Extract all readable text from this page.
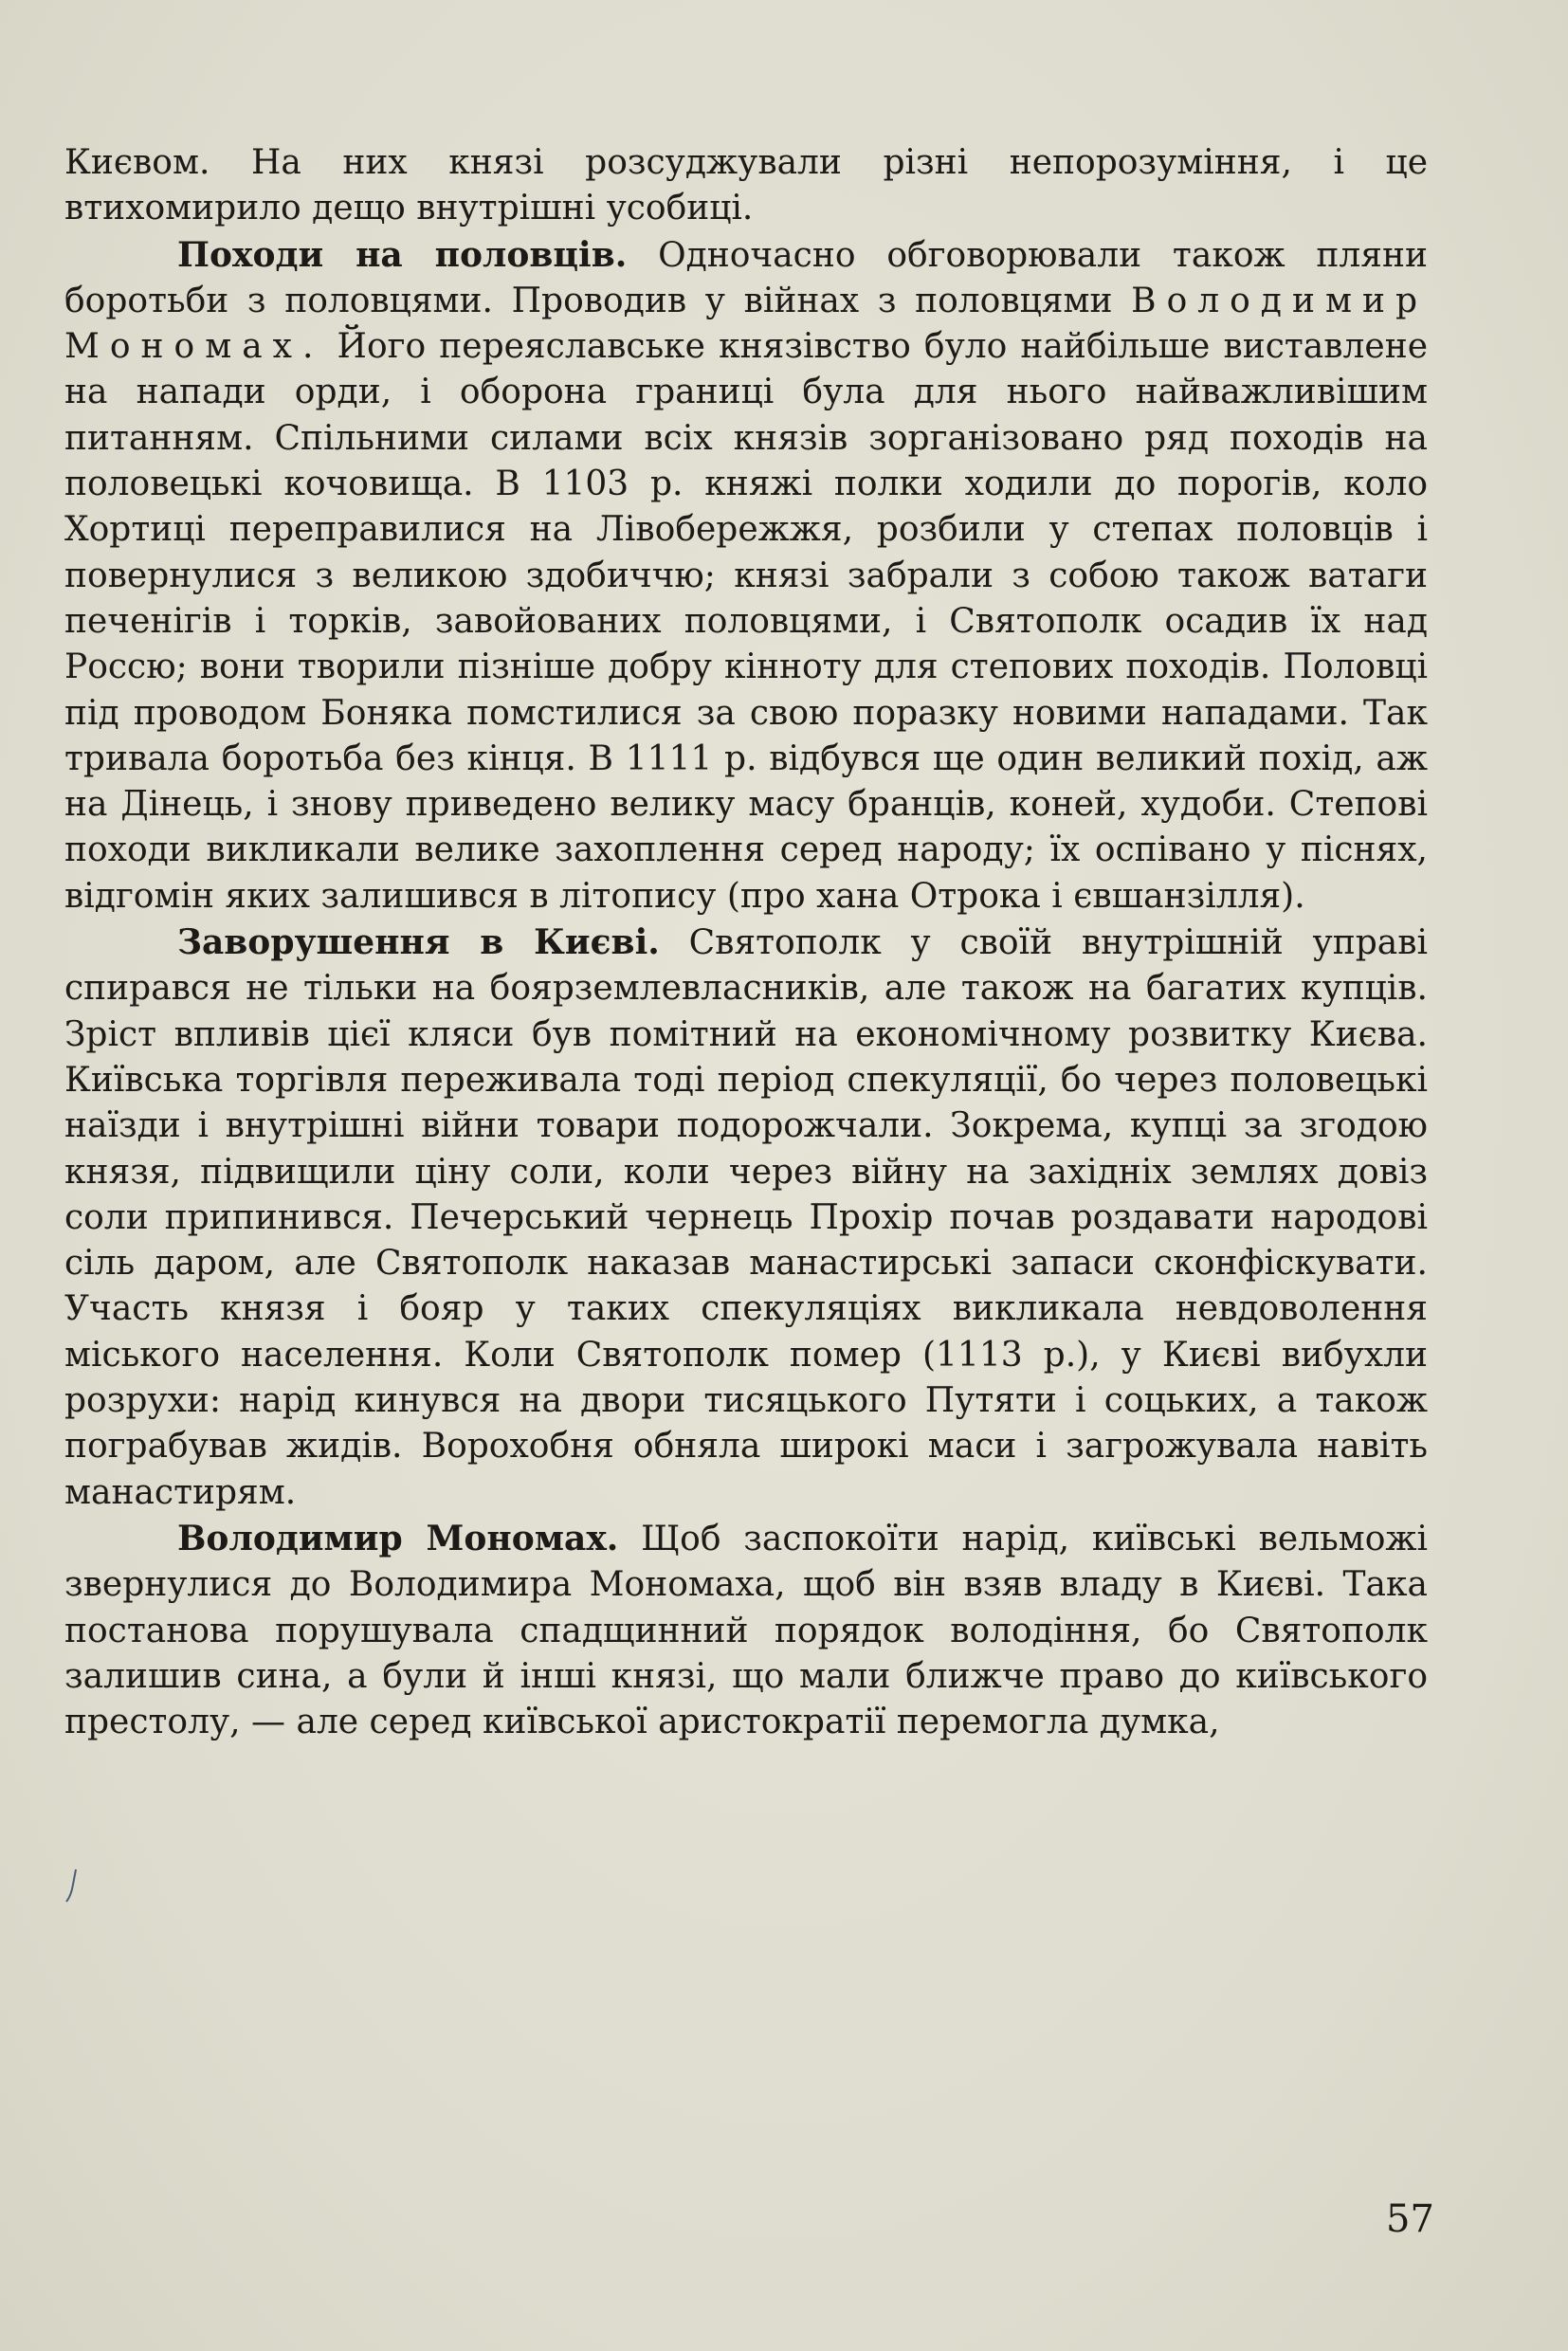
Києвом. На них князі розсуджували різні непорозуміння, і це втихомирило дещо внутрішні усобиці.

Походи на половців. Одночасно обговорювали також пляни боротьби з половцями. Проводив у війнах з половцями Володимир Мономах. Його переяславське князівство було найбільше виставлене на напади орди, і оборона границі була для нього найважливішим питанням. Спільними силами всіх князів зорганізовано ряд походів на половецькі кочовища. В 1103 р. княжі полки ходили до порогів, коло Хортиці переправилися на Лівобережжя, розбили у степах половців і повернулися з великою здобиччю; князі забрали з собою також ватаги печенігів і торків, завойованих половцями, і Святополк осадив їх над Россю; вони творили пізніше добру кінноту для степових походів. Половці під проводом Боняка помстилися за свою поразку новими нападами. Так тривала боротьба без кінця. В 1111 р. відбувся ще один великий похід, аж на Дінець, і знову приведено велику масу бранців, коней, худоби. Степові походи викликали велике захоплення серед народу; їх оспівано у піснях, відгомін яких залишився в літопису (про хана Отрока і євшанзілля).

Заворушення в Києві. Святополк у своїй внутрішній управі спирався не тільки на боярземлевласників, але також на багатих купців. Зріст впливів цієї кляси був помітний на економічному розвитку Києва. Київська торгівля переживала тоді період спекуляції, бо через половецькі наїзди і внутрішні війни товари подорожчали. Зокрема, купці за згодою князя, підвищили ціну соли, коли через війну на західніх землях довіз соли припинився. Печерський чернець Прохір почав роздавати народові сіль даром, але Святополк наказав манастирські запаси сконфіскувати. Участь князя і бояр у таких спекуляціях викликала невдоволення міського населення. Коли Святополк помер (1113 р.), у Києві вибухли розрухи: нарід кинувся на двори тисяцького Путяти і соцьких, а також пограбував жидів. Ворохобня обняла широкі маси і загрожувала навіть манастирям.

Володимир Мономах. Щоб заспокоїти нарід, київські вельможі звернулися до Володимира Мономаха, щоб він взяв владу в Києві. Така постанова порушувала спадщинний порядок володіння, бо Святополк залишив сина, а були й інші князі, що мали ближче право до київського престолу, — але серед київської аристократії перемогла думка,

57
